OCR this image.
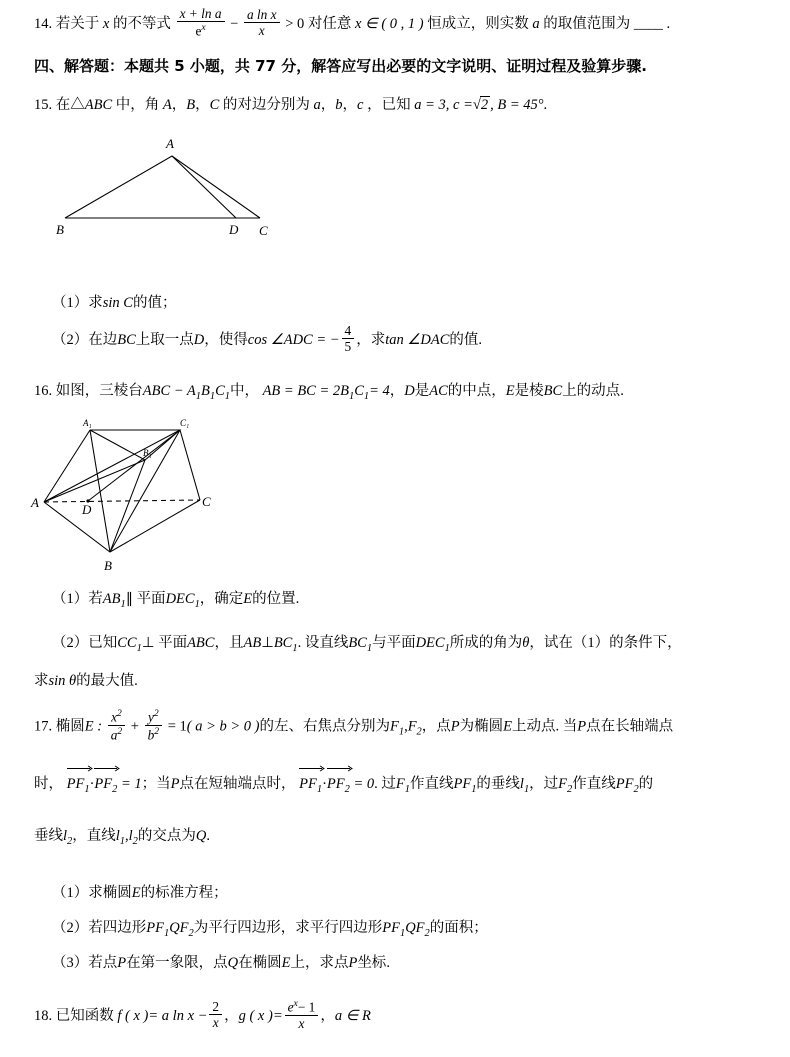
14. 若关于 x 的不等式 $\frac{\text{x + ln a}}{e^x} - \frac{\text{a ln x}}{x} > 0$ 对任意 x ∈ ( 0 , 1 ) 恒成立，则实数 a 的取值范围为 ____ .
四、解答题：本题共 5 小题，共 77 分，解答应写出必要的文字说明、证明过程及验算步骤.
15. 在△ABC 中，角 A，B，C 的对边分别为 a，b，c ，已知 a = 3, c =√2 , B = 45°.
A
B	D C
（1）求sin C的值；
（2）在边BC上取一点D，使得cos ∠ADC = − $\frac{4}{5}$ ，求tan ∠DAC的值.
16. 如图，三棱台ABC − $A_1B_1C_1$中， AB = BC = $2B_1C_1= 4$，D是AC的中点，E是棱BC上的动点.
A₁	C₁
B₁
A	D
C
B
（1）若$AB_1\parallel$ 平面$DEC_1$，确定E的位置.
（2）已知$CC_1\perp$ 平面ABC，且$AB\perp BC_1$. 设直线$BC_1$与平面$DEC_1$所成的角为θ，试在（1）的条件下，
求sin θ的最大值.
17. 椭圆E : $\frac{x^2}{a^2} + \frac{y^2}{b^2} = 1$( a > b > 0 )的左、右焦点分别为$F_1,F_2$，点P为椭圆E上动点. 当P点在长轴端点
时， $PF_1\cdot PF_2 = 1$；当P点在短轴端点时， $PF_1\cdot PF_2 = 0$. 过$F_1$作直线$PF_1$的垂线$l_1$，过$F_2$作直线$PF_2$的
垂线$l_2$，直线$l_1,l_2$的交点为Q.
（1）求椭圆E的标准方程；
（2）若四边形$PF_1QF_2$为平行四边形，求平行四边形$PF_1QF_2$的面积；
（3）若点P在第一象限，点Q在椭圆E上，求点P坐标.
18. 已知函数 f ( x )= a $\ln x - \frac{2}{x}$ ，g ( x )= $\frac{e^x- 1}{x}$ ，a ∈ R
